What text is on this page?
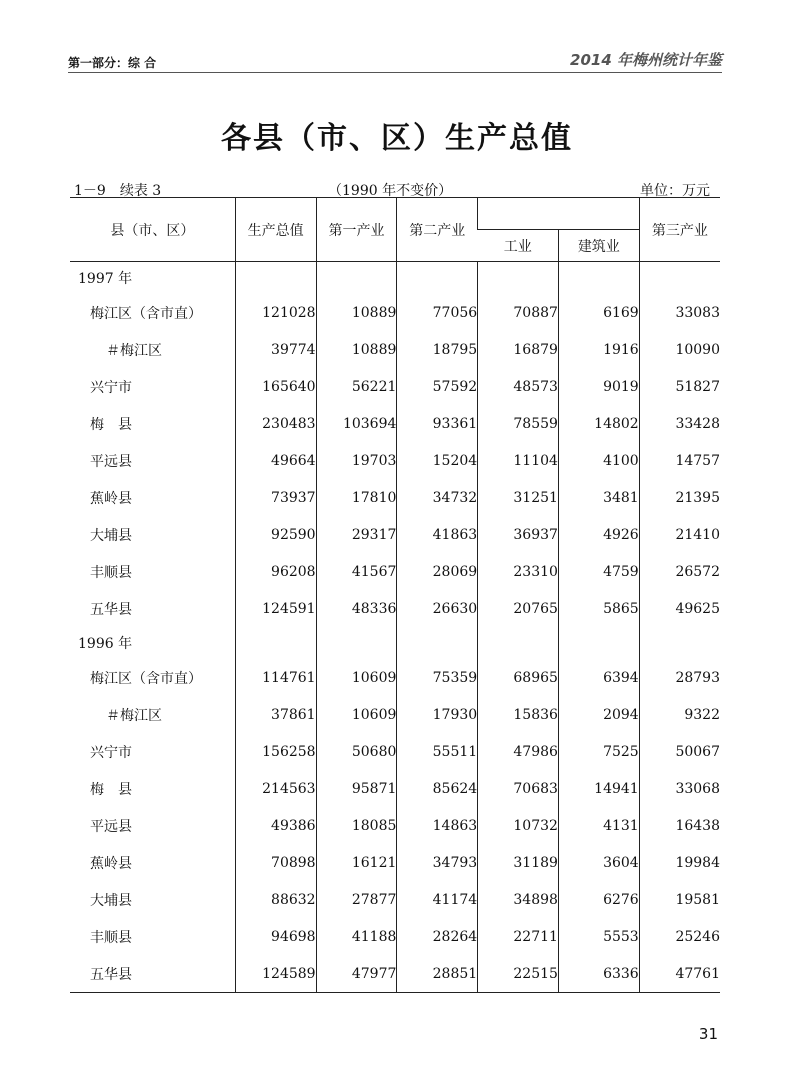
第一部分：综 合	2014 年梅州统计年鉴
各县（市、区）生产总值
1－9　续表 3	（1990 年不变价）	单位：万元
县（市、区）	生产总值	第一产业	第二产业			第三产业
				工业	建筑业	
1997 年						
梅江区（含市直）	121028	10889	77056	70887	6169	33083
＃梅江区	39774	10889	18795	16879	1916	10090
兴宁市	165640	56221	57592	48573	9019	51827
梅　县	230483	103694	93361	78559	14802	33428
平远县	49664	19703	15204	11104	4100	14757
蕉岭县	73937	17810	34732	31251	3481	21395
大埔县	92590	29317	41863	36937	4926	21410
丰顺县	96208	41567	28069	23310	4759	26572
五华县	124591	48336	26630	20765	5865	49625
1996 年						
梅江区（含市直）	114761	10609	75359	68965	6394	28793
＃梅江区	37861	10609	17930	15836	2094	9322
兴宁市	156258	50680	55511	47986	7525	50067
梅　县	214563	95871	85624	70683	14941	33068
平远县	49386	18085	14863	10732	4131	16438
蕉岭县	70898	16121	34793	31189	3604	19984
大埔县	88632	27877	41174	34898	6276	19581
丰顺县	94698	41188	28264	22711	5553	25246
五华县	124589	47977	28851	22515	6336	47761
31
